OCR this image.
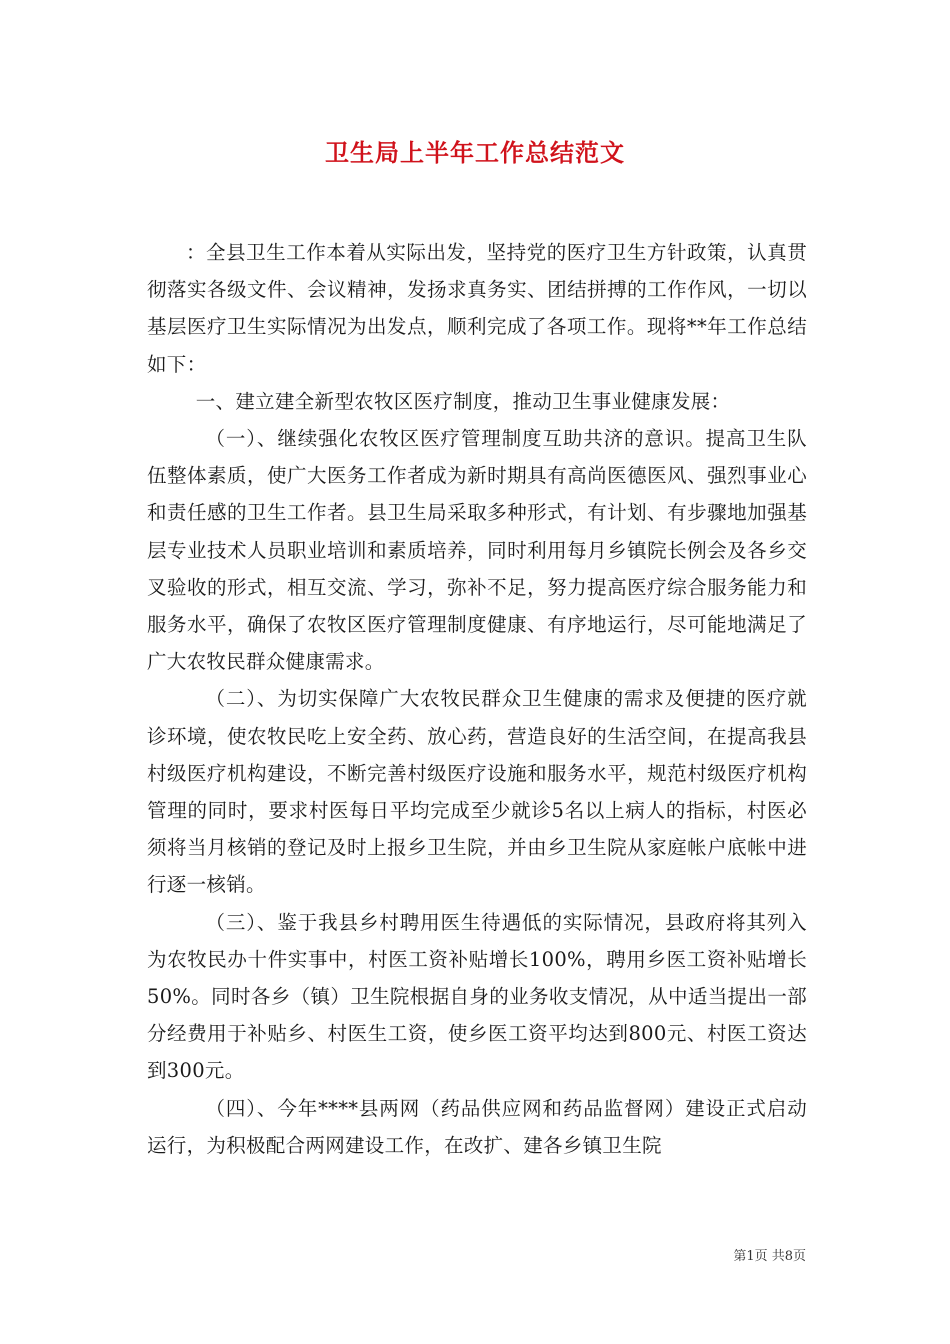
卫生局上半年工作总结范文

：全县卫生工作本着从实际出发，坚持党的医疗卫生方针政策，认真贯彻落实各级文件、会议精神，发扬求真务实、团结拼搏的工作作风，一切以基层医疗卫生实际情况为出发点，顺利完成了各项工作。现将**年工作总结如下：

一、建立建全新型农牧区医疗制度，推动卫生事业健康发展：

（一）、继续强化农牧区医疗管理制度互助共济的意识。提高卫生队伍整体素质，使广大医务工作者成为新时期具有高尚医德医风、强烈事业心和责任感的卫生工作者。县卫生局采取多种形式，有计划、有步骤地加强基层专业技术人员职业培训和素质培养，同时利用每月乡镇院长例会及各乡交叉验收的形式，相互交流、学习，弥补不足，努力提高医疗综合服务能力和服务水平，确保了农牧区医疗管理制度健康、有序地运行，尽可能地满足了广大农牧民群众健康需求。

（二）、为切实保障广大农牧民群众卫生健康的需求及便捷的医疗就诊环境，使农牧民吃上安全药、放心药，营造良好的生活空间，在提高我县村级医疗机构建设，不断完善村级医疗设施和服务水平，规范村级医疗机构管理的同时，要求村医每日平均完成至少就诊5名以上病人的指标，村医必须将当月核销的登记及时上报乡卫生院，并由乡卫生院从家庭帐户底帐中进行逐一核销。

（三）、鉴于我县乡村聘用医生待遇低的实际情况，县政府将其列入为农牧民办十件实事中，村医工资补贴增长100%，聘用乡医工资补贴增长50%。同时各乡（镇）卫生院根据自身的业务收支情况，从中适当提出一部分经费用于补贴乡、村医生工资，使乡医工资平均达到800元、村医工资达到300元。

（四）、今年****县两网（药品供应网和药品监督网）建设正式启动运行，为积极配合两网建设工作，在改扩、建各乡镇卫生院

第1页 共8页
